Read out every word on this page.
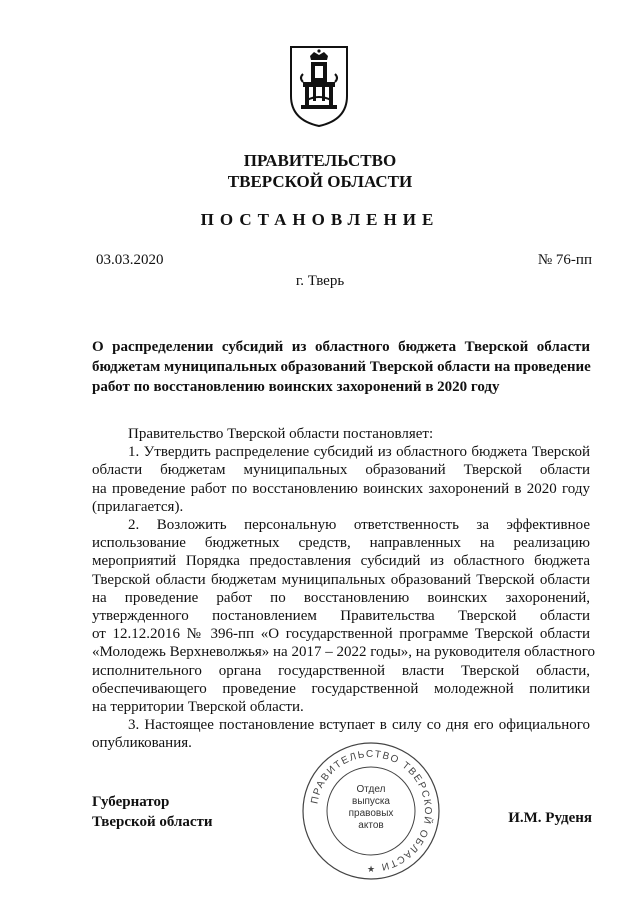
ПРАВИТЕЛЬСТВО
ТВЕРСКОЙ ОБЛАСТИ
ПОСТАНОВЛЕНИЕ
03.03.2020	№ 76-пп
г. Тверь
О распределении субсидий из областного бюджета Тверской области
бюджетам муниципальных образований Тверской области на проведение
работ по восстановлению воинских захоронений в 2020 году
Правительство Тверской области постановляет:
1. Утвердить распределение субсидий из областного бюджета Тверской
области бюджетам муниципальных образований Тверской области
на проведение работ по восстановлению воинских захоронений в 2020 году
(прилагается).
2. Возложить персональную ответственность за эффективное
использование бюджетных средств, направленных на реализацию
мероприятий Порядка предоставления субсидий из областного бюджета
Тверской области бюджетам муниципальных образований Тверской области
на проведение работ по восстановлению воинских захоронений,
утвержденного постановлением Правительства Тверской области
от 12.12.2016 № 396-пп «О государственной программе Тверской области
«Молодежь Верхневолжья» на 2017 – 2022 годы», на руководителя областного
исполнительного органа государственной власти Тверской области,
обеспечивающего проведение государственной молодежной политики
на территории Тверской области.
3. Настоящее постановление вступает в силу со дня его официального
опубликования.
Губернатор
Тверской области	И.М. Руденя
ПРАВИТЕЛЬСТВО ТВЕРСКОЙ ОБЛАСТИ
★
Отдел
выпуска
правовых
актов
